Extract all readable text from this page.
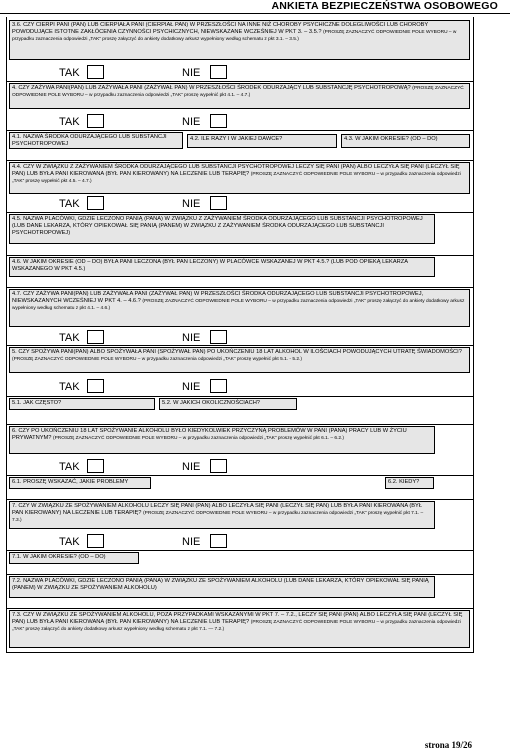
ANKIETA BEZPIECZEŃSTWA OSOBOWEGO
3.6. CZY CIERPI PANI (PAN) LUB CIERPIAŁA PANI (CIERPIAŁ PAN) W PRZESZŁOŚCI NA INNE NIŻ CHOROBY PSYCHICZNE DOLEGLIWOŚCI LUB CHOROBY POWODUJĄCE ISTOTNE ZAKŁÓCENIA CZYNNOŚCI PSYCHICZNYCH, NIEWSKAZANE WCZEŚNIEJ W PKT 3. – 3.5.? (PROSZĘ ZAZNACZYĆ ODPOWIEDNIE POLE WYBORU – w przypadku zaznaczenia odpowiedzi „TAK” proszę załączyć do ankiety dodatkowy arkusz wypełniony według schematu z pkt 3.1. – 3.5.)
TAK	NIE
4. CZY ZAŻYWA PANI(PAN) LUB ZAŻYWAŁA PANI (ZAŻYWAŁ PAN) W PRZESZŁOŚCI ŚRODEK ODURZAJĄCY LUB SUBSTANCJĘ PSYCHOTROPOWĄ? (PROSZĘ ZAZNACZYĆ ODPOWIEDNIE POLE WYBORU – w przypadku zaznaczenia odpowiedzi „TAK” proszę wypełnić pkt 4.1. – 4.7.)
TAK	NIE
4.1. NAZWA ŚRODKA ODURZAJĄCEGO LUB SUBSTANCJI PSYCHOTROPOWEJ
4.2. ILE RAZY I W JAKIEJ DAWCE?	4.3. W JAKIM OKRESIE? (OD – DO)
4.4. CZY W ZWIĄZKU Z ZAŻYWANIEM ŚRODKA ODURZAJĄCEGO LUB SUBSTANCJI PSYCHOTROPOWEJ LECZY SIĘ PANI (PAN) ALBO LECZYŁA SIĘ PANI (LECZYŁ SIĘ PAN) LUB BYŁA PANI KIEROWANA (BYŁ PAN KIEROWANY) NA LECZENIE LUB TERAPIĘ? (PROSZĘ ZAZNACZYĆ ODPOWIEDNIE POLE WYBORU – w przypadku zaznaczenia odpowiedzi „TAK” proszę wypełnić pkt 4.5. – 4.7.)
TAK	NIE
4.5. NAZWA PLACÓWKI, GDZIE LECZONO PANIĄ (PANA) W ZWIĄZKU Z ZAŻYWANIEM ŚRODKA ODURZAJĄCEGO LUB SUBSTANCJI PSYCHOTROPOWEJ (LUB DANE LEKARZA, KTÓRY OPIEKOWAŁ SIĘ PANIĄ (PANEM) W ZWIĄZKU Z ZAŻYWANIEM ŚRODKA ODURZAJĄCEGO LUB SUBSTANCJI PSYCHOTROPOWEJ)
4.6. W JAKIM OKRESIE (OD – DO) BYŁA PANI LECZONA (BYŁ PAN LECZONY) W PLACÓWCE WSKAZANEJ W PKT 4.5.? (LUB POD OPIEKĄ LEKARZA WSKAZANEGO W PKT 4.5.)
4.7. CZY ZAŻYWA PANI(PAN) LUB ZAŻYWAŁA PANI (ZAŻYWAŁ PAN) W PRZESZŁOŚCI ŚRODKA ODURZAJĄCEGO LUB SUBSTANCJI PSYCHOTROPOWEJ, NIEWSKAZANYCH WCZEŚNIEJ W PKT 4. – 4.6.? (PROSZĘ ZAZNACZYĆ ODPOWIEDNIE POLE WYBORU – w przypadku zaznaczenia odpowiedzi „TAK” proszę załączyć do ankiety dodatkowy arkusz wypełniony według schematu z pkt 4.1. – 4.6.)
TAK	NIE
5. CZY SPOŻYWA PANI(PAN) ALBO SPOŻYWAŁA PANI (SPOŻYWAŁ PAN) PO UKOŃCZENIU 18 LAT ALKOHOL W ILOŚCIACH POWODUJĄCYCH UTRATĘ ŚWIADOMOŚCI? (PROSZĘ ZAZNACZYĆ ODPOWIEDNIE POLE WYBORU – w przypadku zaznaczenia odpowiedzi „TAK” proszę wypełnić pkt 5.1. - 5.2.)
TAK	NIE
5.1. JAK CZĘSTO?	5.2. W JAKICH OKOLICZNOŚCIACH?
6. CZY PO UKOŃCZENIU 18 LAT SPOŻYWANIE ALKOHOLU BYŁO KIEDYKOLWIEK PRZYCZYNĄ PROBLEMÓW W PANI (PANA) PRACY LUB W ŻYCIU PRYWATNYM? (PROSZĘ ZAZNACZYĆ ODPOWIEDNIE POLE WYBORU – w przypadku zaznaczenia odpowiedzi „TAK” proszę wypełnić pkt 6.1. – 6.2.)
TAK	NIE
6.1. PROSZĘ WSKAZAĆ, JAKIE PROBLEMY	6.2. KIEDY?
7. CZY W ZWIĄZKU ZE SPOŻYWANIEM ALKOHOLU LECZY SIĘ PANI (PAN) ALBO LECZYŁA SIĘ PANI (LECZYŁ SIĘ PAN) LUB BYŁA PANI KIEROWANA (BYŁ PAN KIEROWANY) NA LECZENIE LUB TERAPIĘ? (PROSZĘ ZAZNACZYĆ ODPOWIEDNIE POLE WYBORU – w przypadku zaznaczenia odpowiedzi „TAK” proszę wypełnić pkt 7.1. – 7.3.)
TAK	NIE
7.1. W JAKIM OKRESIE? (OD – DO)
7.2. NAZWA PLACÓWKI, GDZIE LECZONO PANIĄ (PANA) W ZWIĄZKU ZE SPOŻYWANIEM ALKOHOLU (LUB DANE LEKARZA, KTÓRY OPIEKOWAŁ SIĘ PANIĄ (PANEM) W ZWIĄZKU ZE SPOŻYWANIEM ALKOHOLU)
7.3. CZY W ZWIĄZKU ZE SPOŻYWANIEM ALKOHOLU, POZA PRZYPADKAMI WSKAZANYMI W PKT 7. – 7.2., LECZY SIĘ PANI (PAN) ALBO LECZYŁA SIĘ PANI (LECZYŁ SIĘ PAN) LUB BYŁA PANI KIEROWANA (BYŁ PAN KIEROWANY) NA LECZENIE LUB TERAPIĘ? (PROSZĘ ZAZNACZYĆ ODPOWIEDNIE POLE WYBORU – w przypadku zaznaczenia odpowiedzi „TAK” proszę załączyć do ankiety dodatkowy arkusz wypełniony według schematu z pkt 7.1. — 7.2.)
strona 19/26
